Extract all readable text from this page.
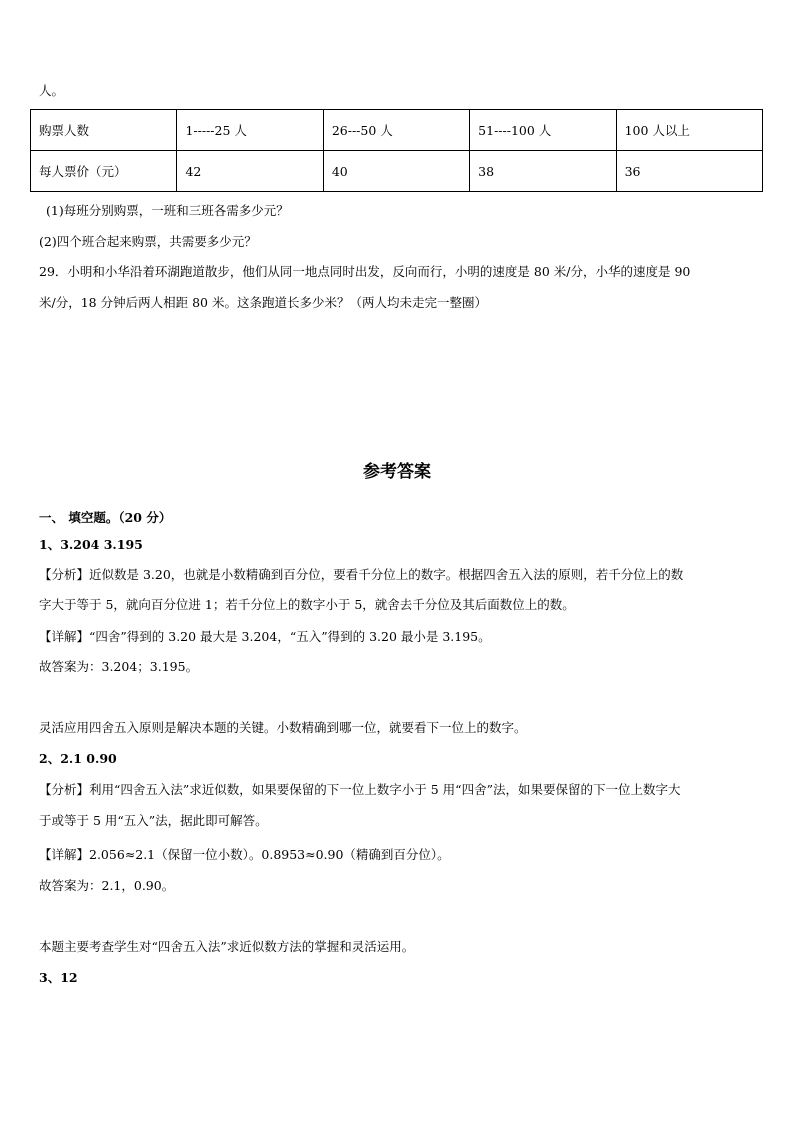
人。
购票人数	1-----25 人	26---50 人	51----100 人	100 人以上
每人票价（元）	42	40	38	36
(1)每班分别购票，一班和三班各需多少元？
(2)四个班合起来购票，共需要多少元？
29．小明和小华沿着环湖跑道散步，他们从同一地点同时出发，反向而行，小明的速度是 80 米/分，小华的速度是 90
米/分，18 分钟后两人相距 80 米。这条跑道长多少米？（两人均未走完一整圈）
参考答案
一、 填空题。（20 分）
1、3.204 3.195
【分析】近似数是 3.20，也就是小数精确到百分位，要看千分位上的数字。根据四舍五入法的原则，若千分位上的数
字大于等于 5，就向百分位进 1；若千分位上的数字小于 5，就舍去千分位及其后面数位上的数。
【详解】“四舍”得到的 3.20 最大是 3.204，“五入”得到的 3.20 最小是 3.195。
故答案为：3.204；3.195。
灵活应用四舍五入原则是解决本题的关键。小数精确到哪一位，就要看下一位上的数字。
2、2.1 0.90
【分析】利用“四舍五入法”求近似数，如果要保留的下一位上数字小于 5 用“四舍”法，如果要保留的下一位上数字大
于或等于 5 用“五入”法，据此即可解答。
【详解】2.056≈2.1（保留一位小数）。0.8953≈0.90（精确到百分位）。
故答案为：2.1，0.90。
本题主要考查学生对“四舍五入法”求近似数方法的掌握和灵活运用。
3、12
